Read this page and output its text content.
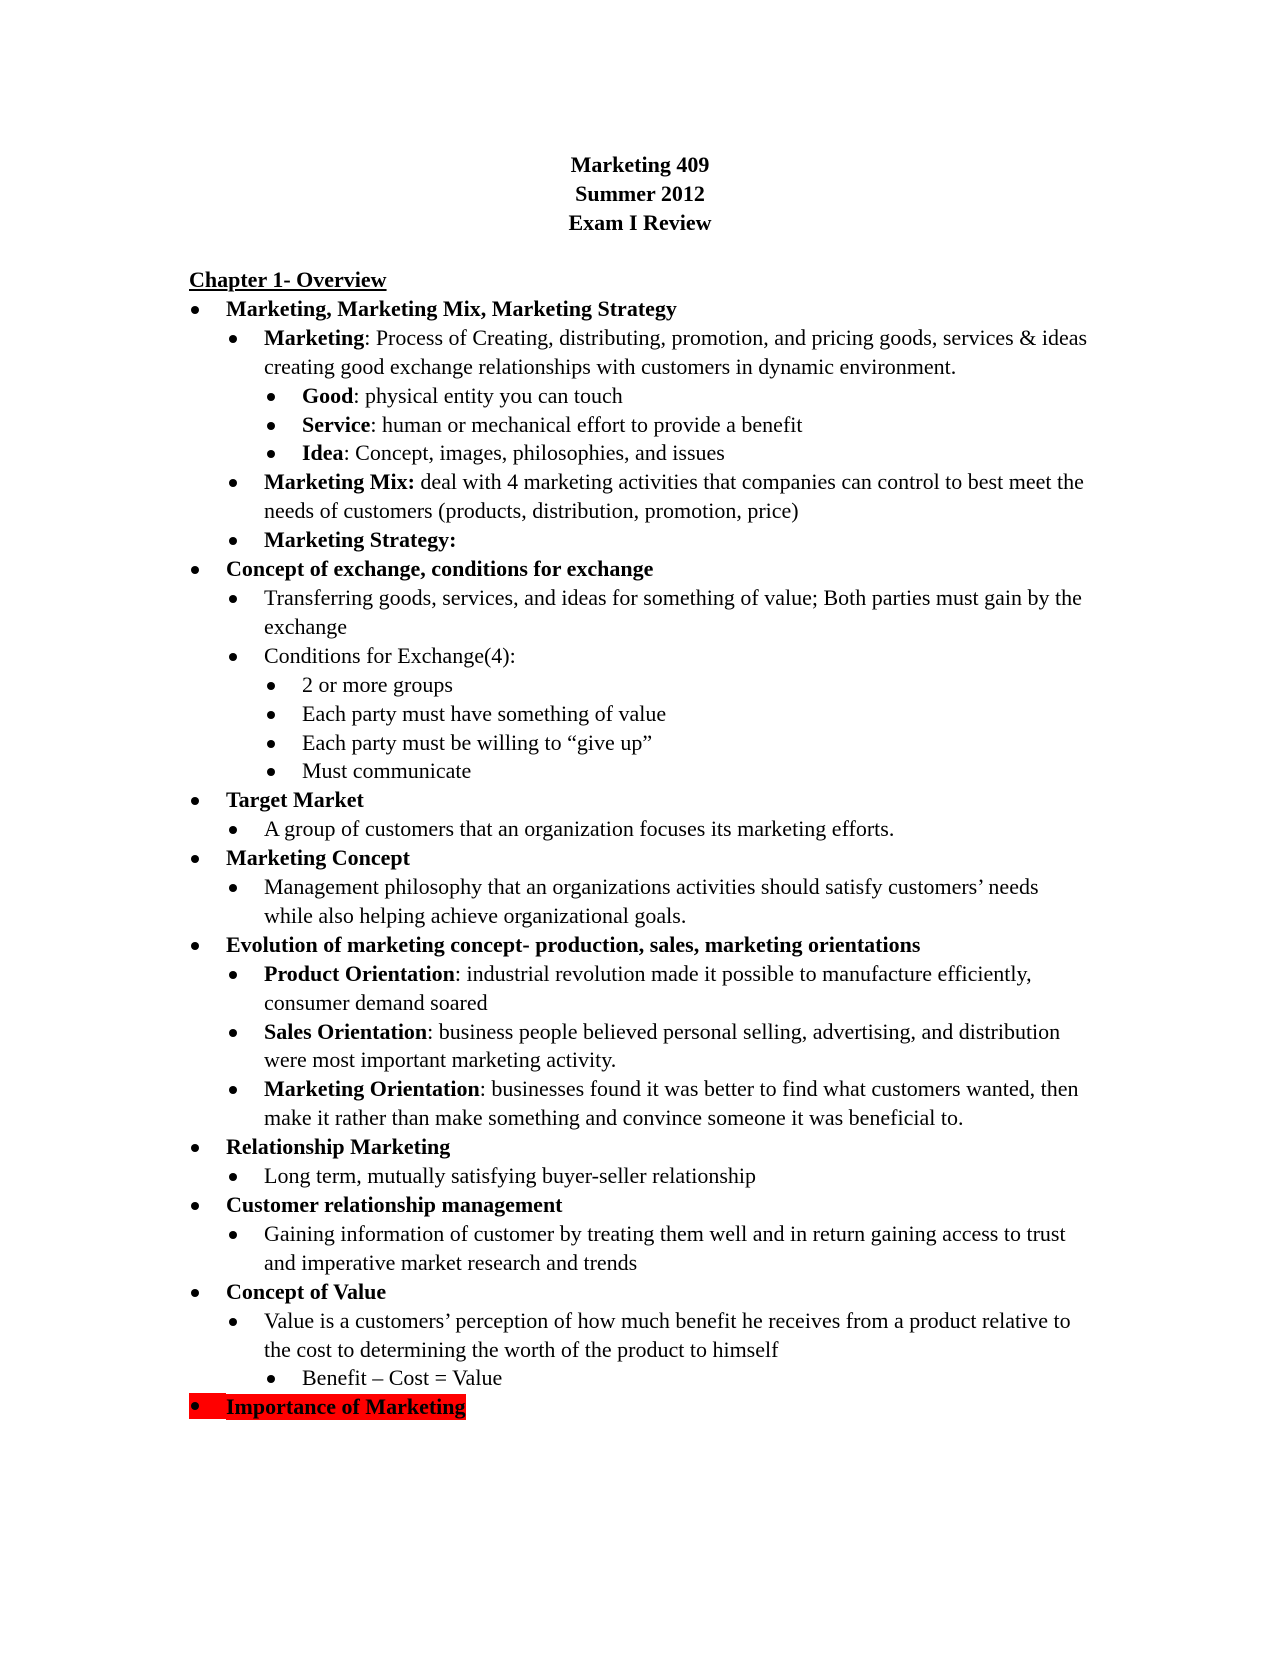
Marketing 409
Summer 2012
Exam I Review
Chapter 1- Overview
Marketing, Marketing Mix, Marketing Strategy
Marketing: Process of Creating, distributing, promotion, and pricing goods, services & ideas creating good exchange relationships with customers in dynamic environment.
Good: physical entity you can touch
Service: human or mechanical effort to provide a benefit
Idea: Concept, images, philosophies, and issues
Marketing Mix: deal with 4 marketing activities that companies can control to best meet the needs of customers (products, distribution, promotion, price)
Marketing Strategy:
Concept of exchange, conditions for exchange
Transferring goods, services, and ideas for something of value; Both parties must gain by the exchange
Conditions for Exchange(4):
2 or more groups
Each party must have something of value
Each party must be willing to “give up”
Must communicate
Target Market
A group of customers that an organization focuses its marketing efforts.
Marketing Concept
Management philosophy that an organizations activities should satisfy customers’ needs while also helping achieve organizational goals.
Evolution of marketing concept- production, sales, marketing orientations
Product Orientation: industrial revolution made it possible to manufacture efficiently, consumer demand soared
Sales Orientation: business people believed personal selling, advertising, and distribution were most important marketing activity.
Marketing Orientation: businesses found it was better to find what customers wanted, then make it rather than make something and convince someone it was beneficial to.
Relationship Marketing
Long term, mutually satisfying buyer-seller relationship
Customer relationship management
Gaining information of customer by treating them well and in return gaining access to trust and imperative market research and trends
Concept of Value
Value is a customers’ perception of how much benefit he receives from a product relative to the cost to determining the worth of the product to himself
Benefit – Cost = Value
Importance of Marketing
